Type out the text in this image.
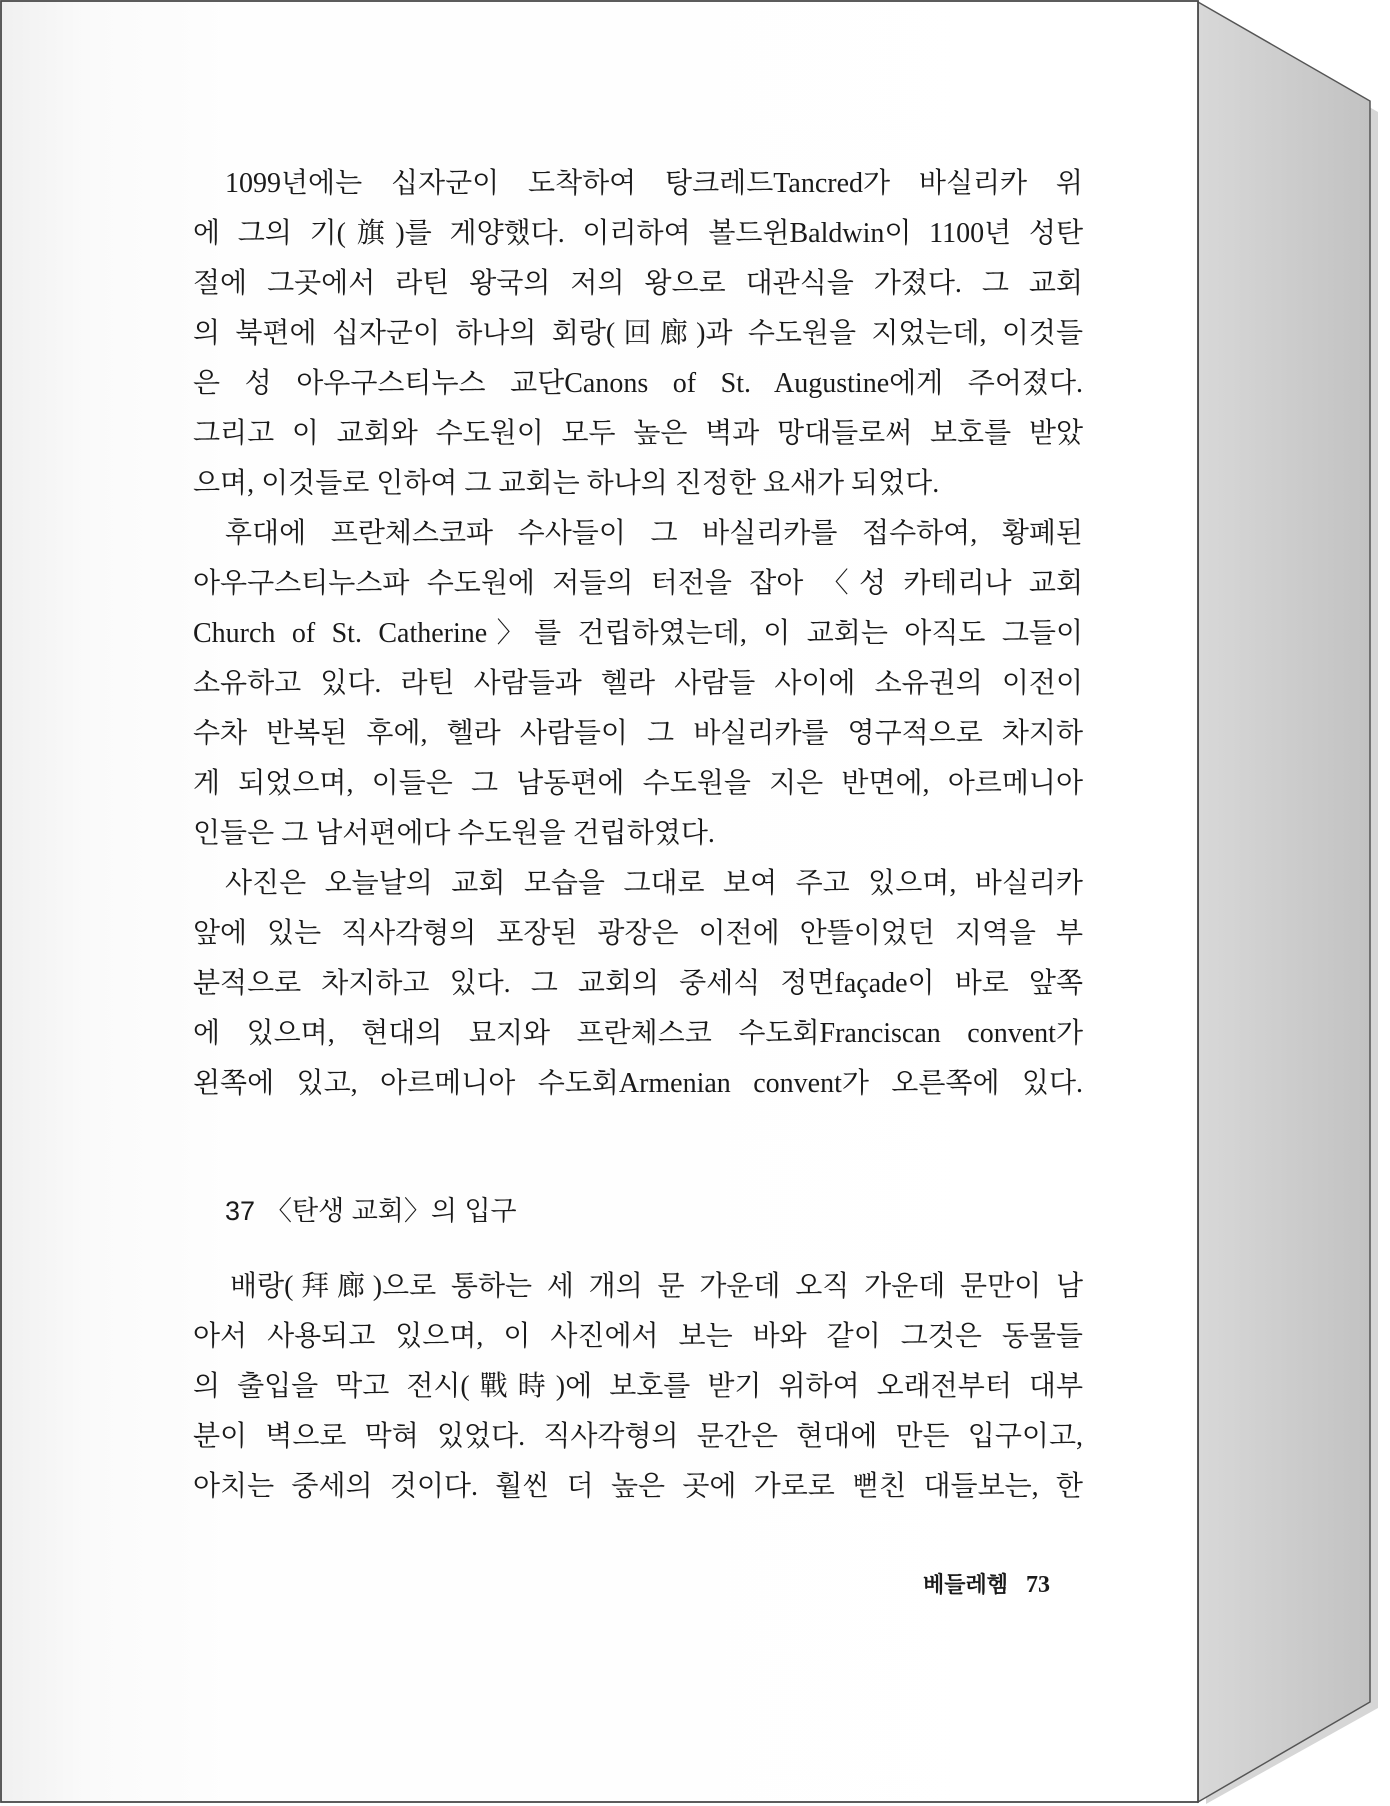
1099년에는 십자군이 도착하여 탕크레드Tancred가 바실리카 위
에 그의 기(旗)를 게양했다. 이리하여 볼드윈Baldwin이 1100년 성탄
절에 그곳에서 라틴 왕국의 저의 왕으로 대관식을 가졌다. 그 교회
의 북편에 십자군이 하나의 회랑(回廊)과 수도원을 지었는데, 이것들
은 성 아우구스티누스 교단Canons of St. Augustine에게 주어졌다.
그리고 이 교회와 수도원이 모두 높은 벽과 망대들로써 보호를 받았
으며, 이것들로 인하여 그 교회는 하나의 진정한 요새가 되었다.
후대에 프란체스코파 수사들이 그 바실리카를 접수하여, 황폐된
아우구스티누스파 수도원에 저들의 터전을 잡아 〈성 카테리나 교회
Church of St. Catherine〉를 건립하였는데, 이 교회는 아직도 그들이
소유하고 있다. 라틴 사람들과 헬라 사람들 사이에 소유권의 이전이
수차 반복된 후에, 헬라 사람들이 그 바실리카를 영구적으로 차지하
게 되었으며, 이들은 그 남동편에 수도원을 지은 반면에, 아르메니아
인들은 그 남서편에다 수도원을 건립하였다.
사진은 오늘날의 교회 모습을 그대로 보여 주고 있으며, 바실리카
앞에 있는 직사각형의 포장된 광장은 이전에 안뜰이었던 지역을 부
분적으로 차지하고 있다. 그 교회의 중세식 정면façade이 바로 앞쪽
에 있으며, 현대의 묘지와 프란체스코 수도회Franciscan convent가
왼쪽에 있고, 아르메니아 수도회Armenian convent가 오른쪽에 있다.
37 〈탄생 교회〉의 입구
배랑(拜廊)으로 통하는 세 개의 문 가운데 오직 가운데 문만이 남
아서 사용되고 있으며, 이 사진에서 보는 바와 같이 그것은 동물들
의 출입을 막고 전시(戰時)에 보호를 받기 위하여 오래전부터 대부
분이 벽으로 막혀 있었다. 직사각형의 문간은 현대에 만든 입구이고,
아치는 중세의 것이다. 훨씬 더 높은 곳에 가로로 뻗친 대들보는, 한
베들레헴 73
